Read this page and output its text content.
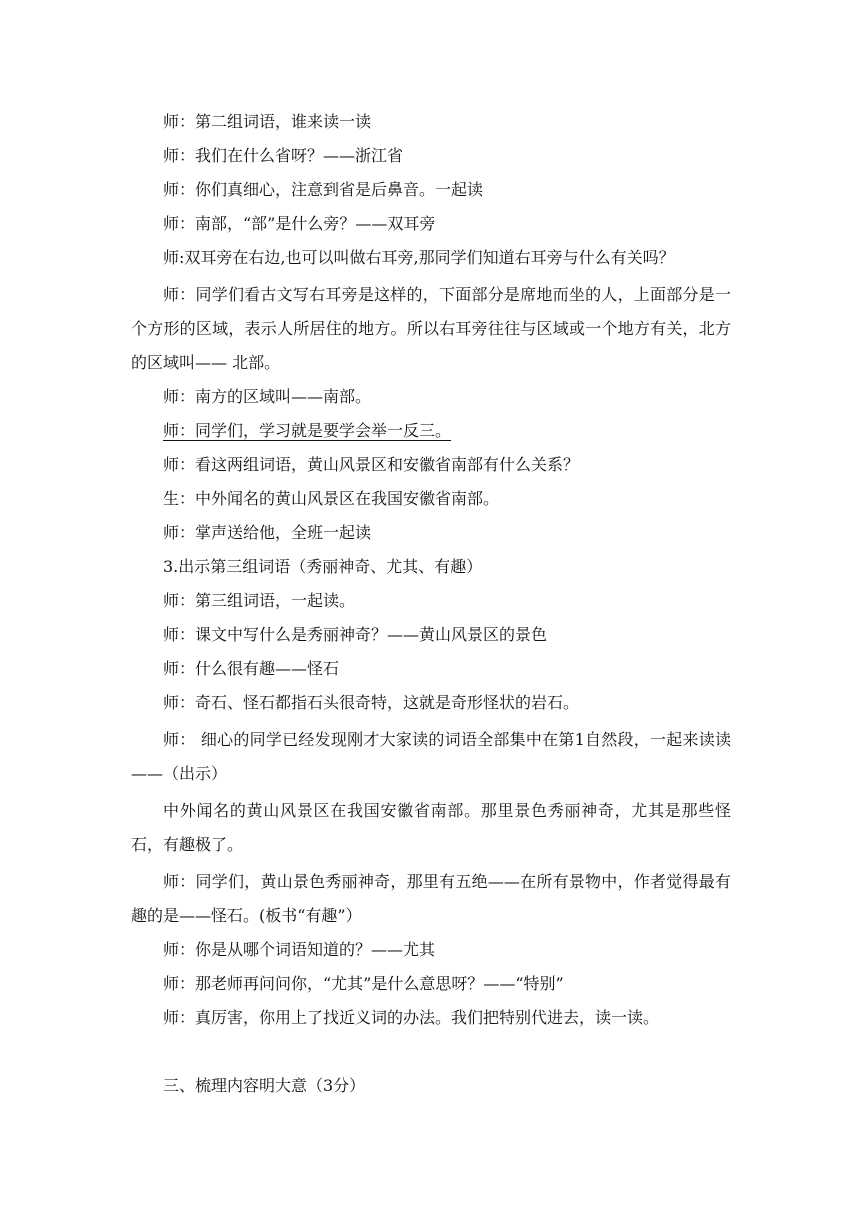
师：第二组词语，谁来读一读

师：我们在什么省呀？——浙江省

师：你们真细心，注意到省是后鼻音。一起读

师：南部，“部”是什么旁？——双耳旁

师:双耳旁在右边,也可以叫做右耳旁,那同学们知道右耳旁与什么有关吗？

师：同学们看古文写右耳旁是这样的，下面部分是席地而坐的人，上面部分是一个方形的区域，表示人所居住的地方。所以右耳旁往往与区域或一个地方有关，北方的区域叫—— 北部。

师：南方的区域叫——南部。

师：同学们，学习就是要学会举一反三。

师：看这两组词语，黄山风景区和安徽省南部有什么关系？

生：中外闻名的黄山风景区在我国安徽省南部。

师：掌声送给他，全班一起读

3.出示第三组词语（秀丽神奇、尤其、有趣）

师：第三组词语，一起读。

师：课文中写什么是秀丽神奇？——黄山风景区的景色

师：什么很有趣——怪石

师：奇石、怪石都指石头很奇特，这就是奇形怪状的岩石。

师： 细心的同学已经发现刚才大家读的词语全部集中在第1自然段，一起来读读——（出示）

中外闻名的黄山风景区在我国安徽省南部。那里景色秀丽神奇，尤其是那些怪石，有趣极了。

师：同学们，黄山景色秀丽神奇，那里有五绝——在所有景物中，作者觉得最有趣的是——怪石。(板书“有趣”）

师：你是从哪个词语知道的？——尤其

师：那老师再问问你，“尤其”是什么意思呀？——“特别”

师：真厉害，你用上了找近义词的办法。我们把特别代进去，读一读。

三、梳理内容明大意（3分）
